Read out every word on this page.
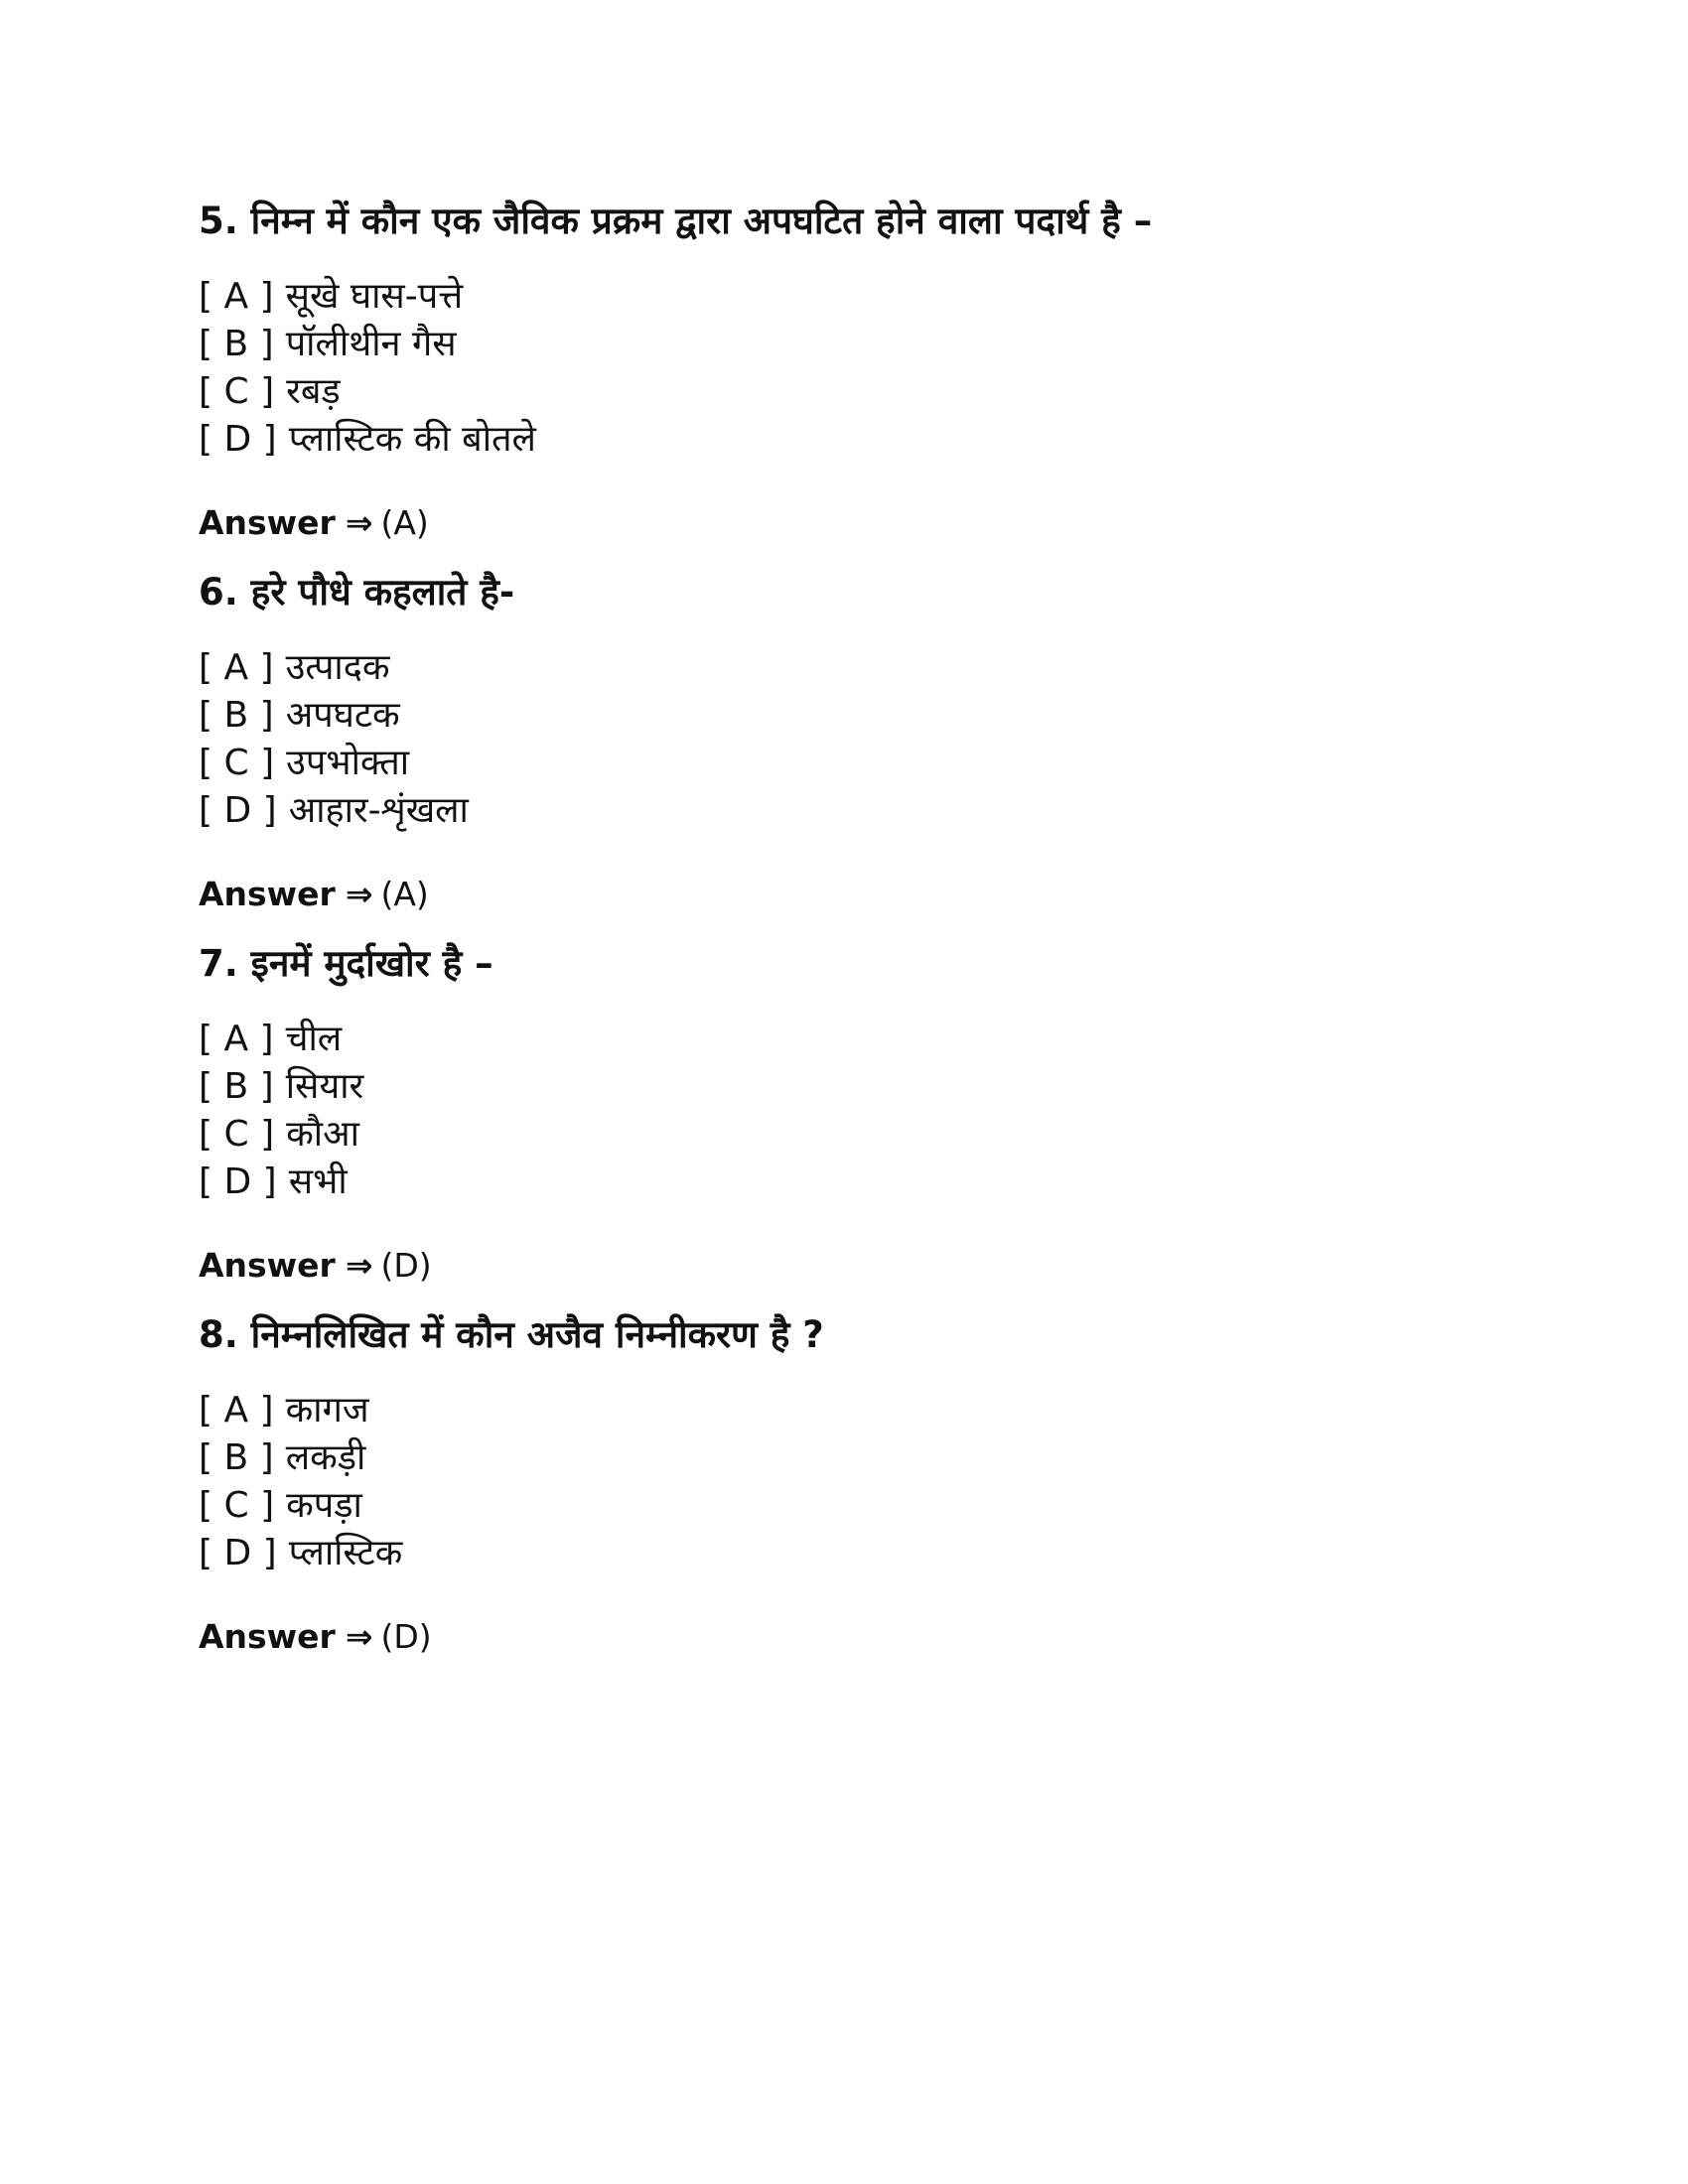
5. निम्न में कौन एक जैविक प्रक्रम द्वारा अपघटित होने वाला पदार्थ है –
[ A ] सूखे घास-पत्ते
[ B ] पॉलीथीन गैस
[ C ] रबड़
[ D ] प्लास्टिक की बोतले
Answer ⇒ (A)
6. हरे पौधे कहलाते है-
[ A ] उत्पादक
[ B ] अपघटक
[ C ] उपभोक्ता
[ D ] आहार-शृंखला
Answer ⇒ (A)
7. इनमें मुर्दाखोर है –
[ A ] चील
[ B ] सियार
[ C ] कौआ
[ D ] सभी
Answer ⇒ (D)
8. निम्नलिखित में कौन अजैव निम्नीकरण है ?
[ A ] कागज
[ B ] लकड़ी
[ C ] कपड़ा
[ D ] प्लास्टिक
Answer ⇒ (D)
